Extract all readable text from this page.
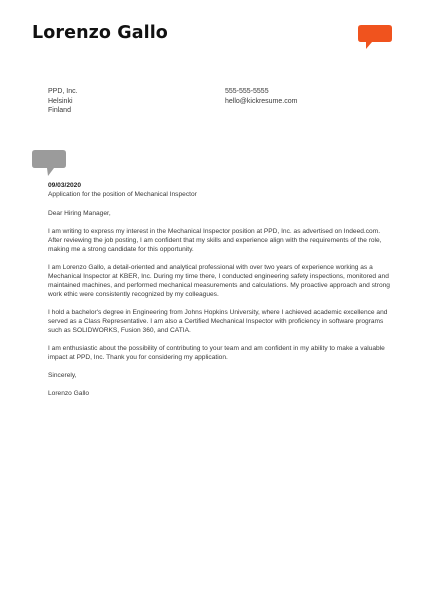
Lorenzo Gallo
PPD, Inc.
Helsinki
Finland
555-555-5555
hello@kickresume.com
09/03/2020
Application for the position of Mechanical Inspector

Dear Hiring Manager,

I am writing to express my interest in the Mechanical Inspector position at PPD, Inc. as advertised on Indeed.com. After reviewing the job posting, I am confident that my skills and experience align with the requirements of the role, making me a strong candidate for this opportunity.

I am Lorenzo Gallo, a detail-oriented and analytical professional with over two years of experience working as a Mechanical Inspector at KBER, Inc. During my time there, I conducted engineering safety inspections, monitored and maintained machines, and performed mechanical measurements and calculations. My proactive approach and strong work ethic were consistently recognized by my colleagues.

I hold a bachelor's degree in Engineering from Johns Hopkins University, where I achieved academic excellence and served as a Class Representative. I am also a Certified Mechanical Inspector with proficiency in software programs such as SOLIDWORKS, Fusion 360, and CATIA.

I am enthusiastic about the possibility of contributing to your team and am confident in my ability to make a valuable impact at PPD, Inc. Thank you for considering my application.

Sincerely,

Lorenzo Gallo
